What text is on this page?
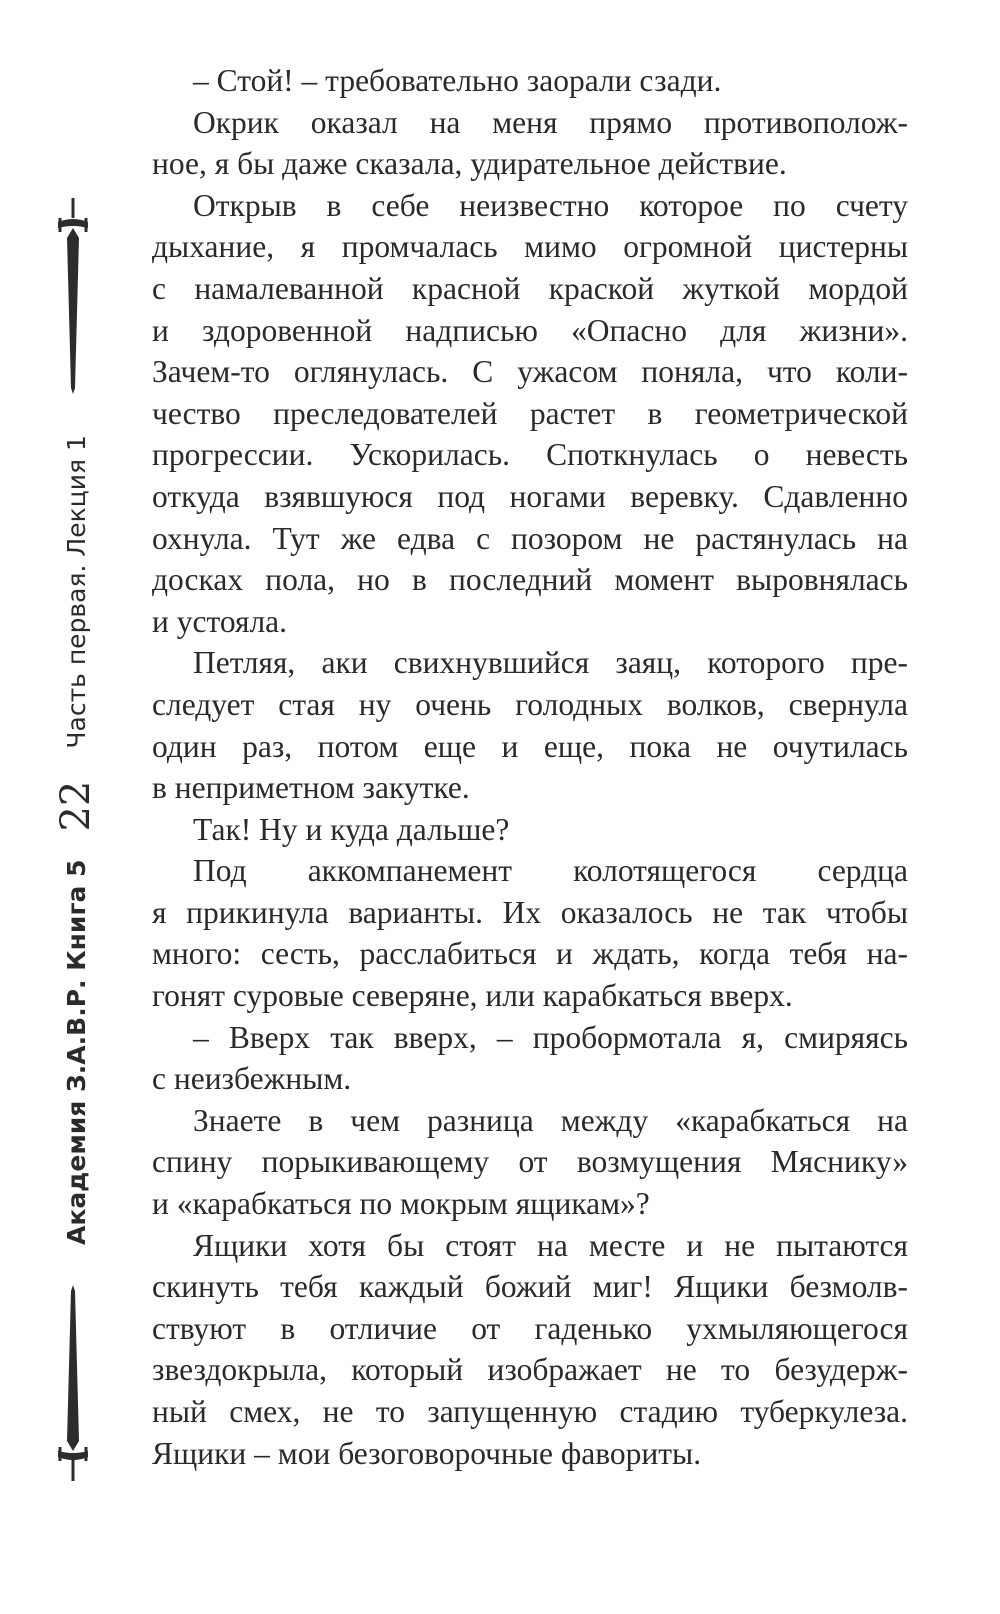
Академия З.А.В.Р. Книга 5
22
Часть первая. Лекция 1
– Стой! – требовательно заорали сзади.
Окрик оказал на меня прямо противополож-
ное, я бы даже сказала, удирательное действие.
Открыв в себе неизвестно которое по счету
дыхание, я промчалась мимо огромной цистерны
с намалеванной красной краской жуткой мордой
и здоровенной надписью «Опасно для жизни».
Зачем-то оглянулась. С ужасом поняла, что коли-
чество преследователей растет в геометрической
прогрессии. Ускорилась. Споткнулась о невесть
откуда взявшуюся под ногами веревку. Сдавленно
охнула. Тут же едва с позором не растянулась на
досках пола, но в последний момент выровнялась
и устояла.
Петляя, аки свихнувшийся заяц, которого пре-
следует стая ну очень голодных волков, свернула
один раз, потом еще и еще, пока не очутилась
в неприметном закутке.
Так! Ну и куда дальше?
Под аккомпанемент колотящегося сердца
я прикинула варианты. Их оказалось не так чтобы
много: сесть, расслабиться и ждать, когда тебя на-
гонят суровые северяне, или карабкаться вверх.
– Вверх так вверх, – пробормотала я, смиряясь
с неизбежным.
Знаете в чем разница между «карабкаться на
спину порыкивающему от возмущения Мяснику»
и «карабкаться по мокрым ящикам»?
Ящики хотя бы стоят на месте и не пытаются
скинуть тебя каждый божий миг! Ящики безмолв-
ствуют в отличие от гаденько ухмыляющегося
звездокрыла, который изображает не то безудерж-
ный смех, не то запущенную стадию туберкулеза.
Ящики – мои безоговорочные фавориты.
